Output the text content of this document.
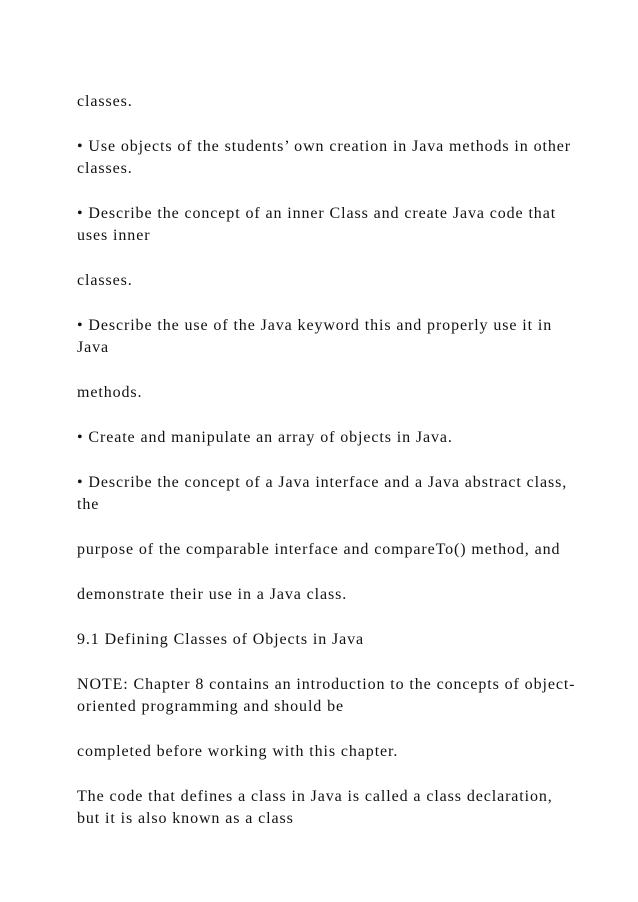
classes.

• Use objects of the students’ own creation in Java methods in other classes.

• Describe the concept of an inner Class and create Java code that uses inner

classes.

• Describe the use of the Java keyword this and properly use it in Java

methods.

• Create and manipulate an array of objects in Java.

• Describe the concept of a Java interface and a Java abstract class, the

purpose of the comparable interface and compareTo() method, and

demonstrate their use in a Java class.

9.1 Defining Classes of Objects in Java

NOTE: Chapter 8 contains an introduction to the concepts of object-oriented programming and should be

completed before working with this chapter.

The code that defines a class in Java is called a class declaration, but it is also known as a class
